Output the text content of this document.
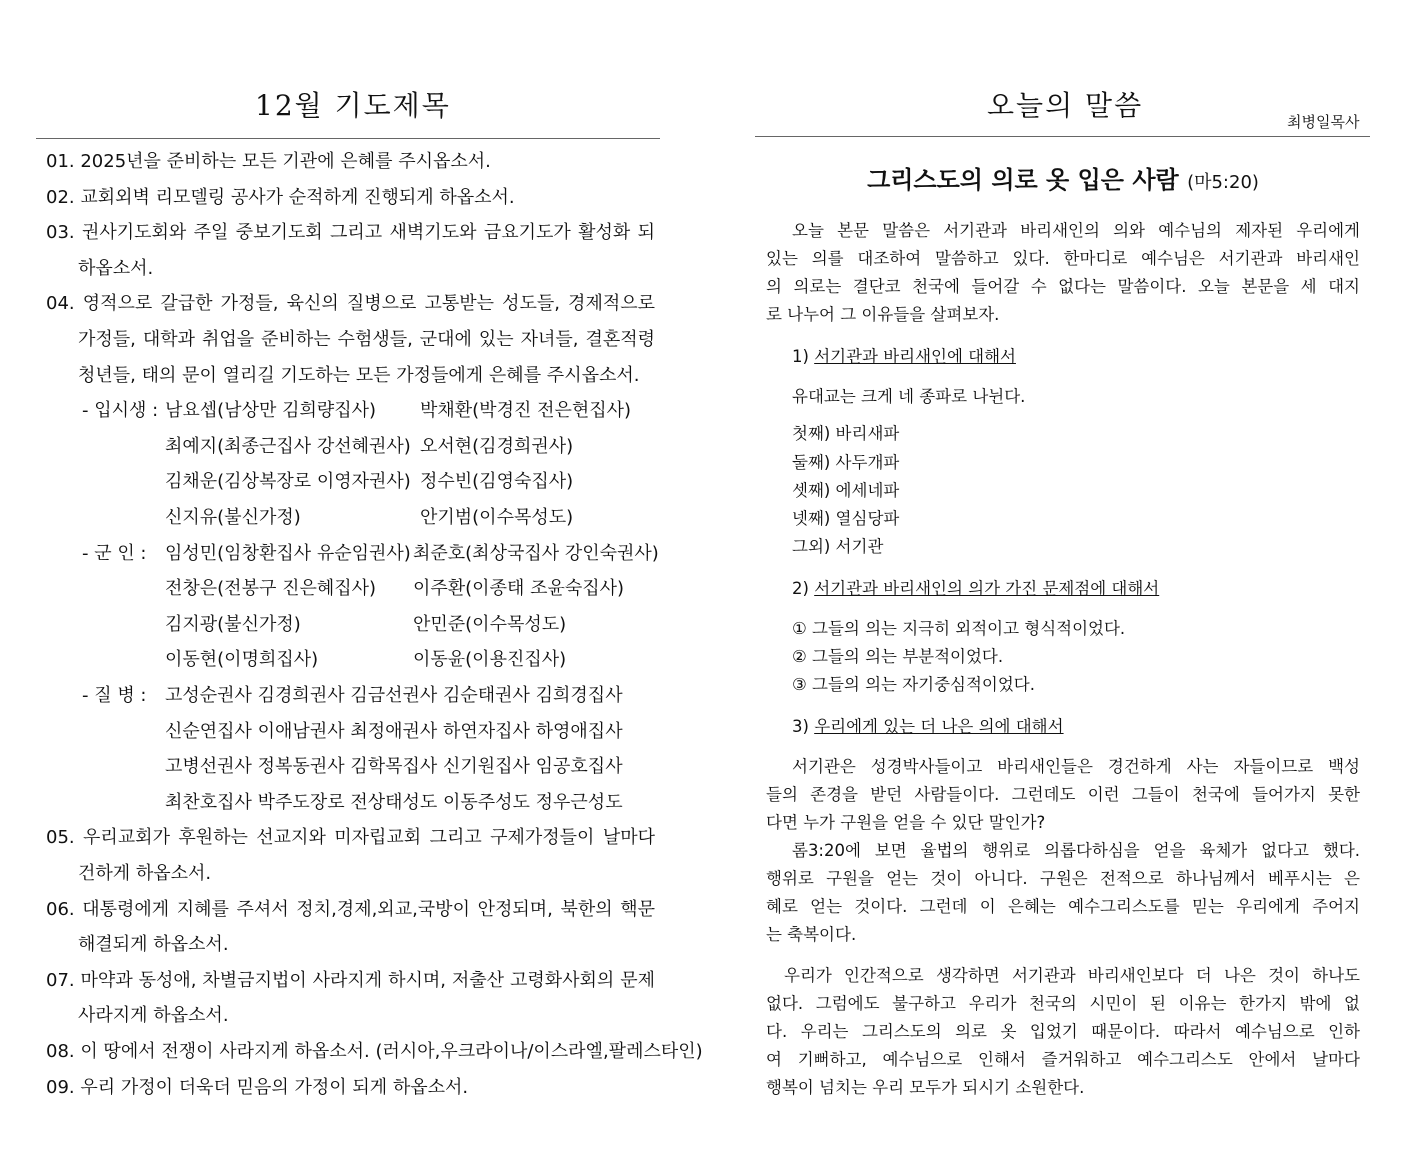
12월 기도제목
01. 2025년을 준비하는 모든 기관에 은혜를 주시옵소서.
02. 교회외벽 리모델링 공사가 순적하게 진행되게 하옵소서.
03. 권사기도회와 주일 중보기도회 그리고 새벽기도와 금요기도가 활성화 되
하옵소서.
04. 영적으로 갈급한 가정들, 육신의 질병으로 고통받는 성도들, 경제적으로
가정들, 대학과 취업을 준비하는 수험생들, 군대에 있는 자녀들, 결혼적령
청년들, 태의 문이 열리길 기도하는 모든 가정들에게 은혜를 주시옵소서.
- 입시생 : 남요셉(남상만 김희량집사) 박채환(박경진 전은현집사)
최예지(최종근집사 강선혜권사) 오서현(김경희권사)
김채운(김상복장로 이영자권사) 정수빈(김영숙집사)
신지유(불신가정)	안기범(이수목성도)
- 군 인 : 임성민(임창환집사 유순임권사) 최준호(최상국집사 강인숙권사)
전창은(전봉구 진은혜집사) 이주환(이종태 조윤숙집사)
김지광(불신가정)	안민준(이수목성도)
이동현(이명희집사)	이동윤(이용진집사)
- 질 병 : 고성순권사 김경희권사 김금선권사 김순태권사 김희경집사
신순연집사 이애남권사 최정애권사 하연자집사 하영애집사
고병선권사 정복동권사 김학목집사 신기원집사 임공호집사
최찬호집사 박주도장로 전상태성도 이동주성도 정우근성도
05. 우리교회가 후원하는 선교지와 미자립교회 그리고 구제가정들이 날마다
건하게 하옵소서.
06. 대통령에게 지혜를 주셔서 정치,경제,외교,국방이 안정되며, 북한의 핵문
해결되게 하옵소서.
07. 마약과 동성애, 차별금지법이 사라지게 하시며, 저출산 고령화사회의 문제
사라지게 하옵소서.
08. 이 땅에서 전쟁이 사라지게 하옵소서. (러시아,우크라이나/이스라엘,팔레스타인)
09. 우리 가정이 더욱더 믿음의 가정이 되게 하옵소서.
오늘의 말씀	최병일목사
그리스도의 의로 옷 입은 사람 (마5:20)
오늘 본문 말씀은 서기관과 바리새인의 의와 예수님의 제자된 우리에게
있는 의를 대조하여 말씀하고 있다. 한마디로 예수님은 서기관과 바리새인
의 의로는 결단코 천국에 들어갈 수 없다는 말씀이다. 오늘 본문을 세 대지
로 나누어 그 이유들을 살펴보자.
1) 서기관과 바리새인에 대해서
2) 서기관과 바리새인의 의가 가진 문제점에 대해서
3) 우리에게 있는 더 나은 의에 대해서
유대교는 크게 네 종파로 나뉜다.
첫째) 바리새파
둘째) 사두개파
셋째) 에세네파
넷째) 열심당파
그외) 서기관
① 그들의 의는 지극히 외적이고 형식적이었다.
② 그들의 의는 부분적이었다.
③ 그들의 의는 자기중심적이었다.
서기관은 성경박사들이고 바리새인들은 경건하게 사는 자들이므로 백성
들의 존경을 받던 사람들이다. 그런데도 이런 그들이 천국에 들어가지 못한
다면 누가 구원을 얻을 수 있단 말인가?
롬3:20에 보면 율법의 행위로 의롭다하심을 얻을 육체가 없다고 했다.
행위로 구원을 얻는 것이 아니다. 구원은 전적으로 하나님께서 베푸시는 은
혜로 얻는 것이다. 그런데 이 은혜는 예수그리스도를 믿는 우리에게 주어지
는 축복이다.
우리가 인간적으로 생각하면 서기관과 바리새인보다 더 나은 것이 하나도
없다. 그럼에도 불구하고 우리가 천국의 시민이 된 이유는 한가지 밖에 없
다. 우리는 그리스도의 의로 옷 입었기 때문이다. 따라서 예수님으로 인하
여 기뻐하고, 예수님으로 인해서 즐거워하고 예수그리스도 안에서 날마다
행복이 넘치는 우리 모두가 되시기 소원한다.
